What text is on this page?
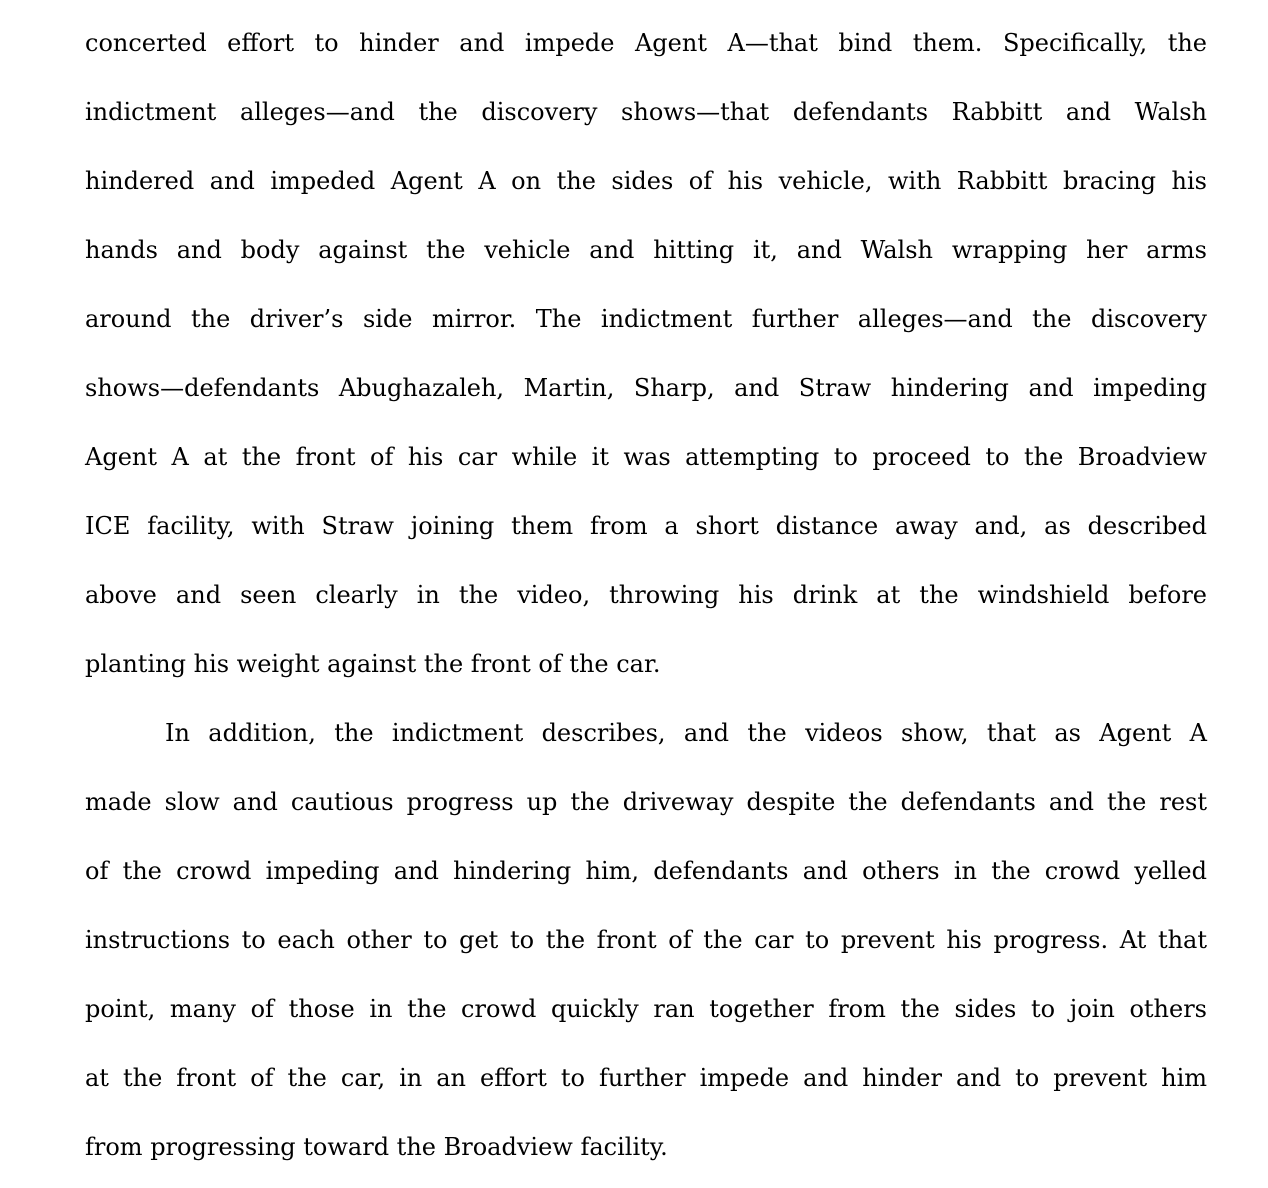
concerted effort to hinder and impede Agent A—that bind them. Specifically, the
indictment alleges—and the discovery shows—that defendants Rabbitt and Walsh
hindered and impeded Agent A on the sides of his vehicle, with Rabbitt bracing his
hands and body against the vehicle and hitting it, and Walsh wrapping her arms
around the driver’s side mirror. The indictment further alleges—and the discovery
shows—defendants Abughazaleh, Martin, Sharp, and Straw hindering and impeding
Agent A at the front of his car while it was attempting to proceed to the Broadview
ICE facility, with Straw joining them from a short distance away and, as described
above and seen clearly in the video, throwing his drink at the windshield before
planting his weight against the front of the car.

In addition, the indictment describes, and the videos show, that as Agent A
made slow and cautious progress up the driveway despite the defendants and the rest
of the crowd impeding and hindering him, defendants and others in the crowd yelled
instructions to each other to get to the front of the car to prevent his progress. At that
point, many of those in the crowd quickly ran together from the sides to join others
at the front of the car, in an effort to further impede and hinder and to prevent him
from progressing toward the Broadview facility.
